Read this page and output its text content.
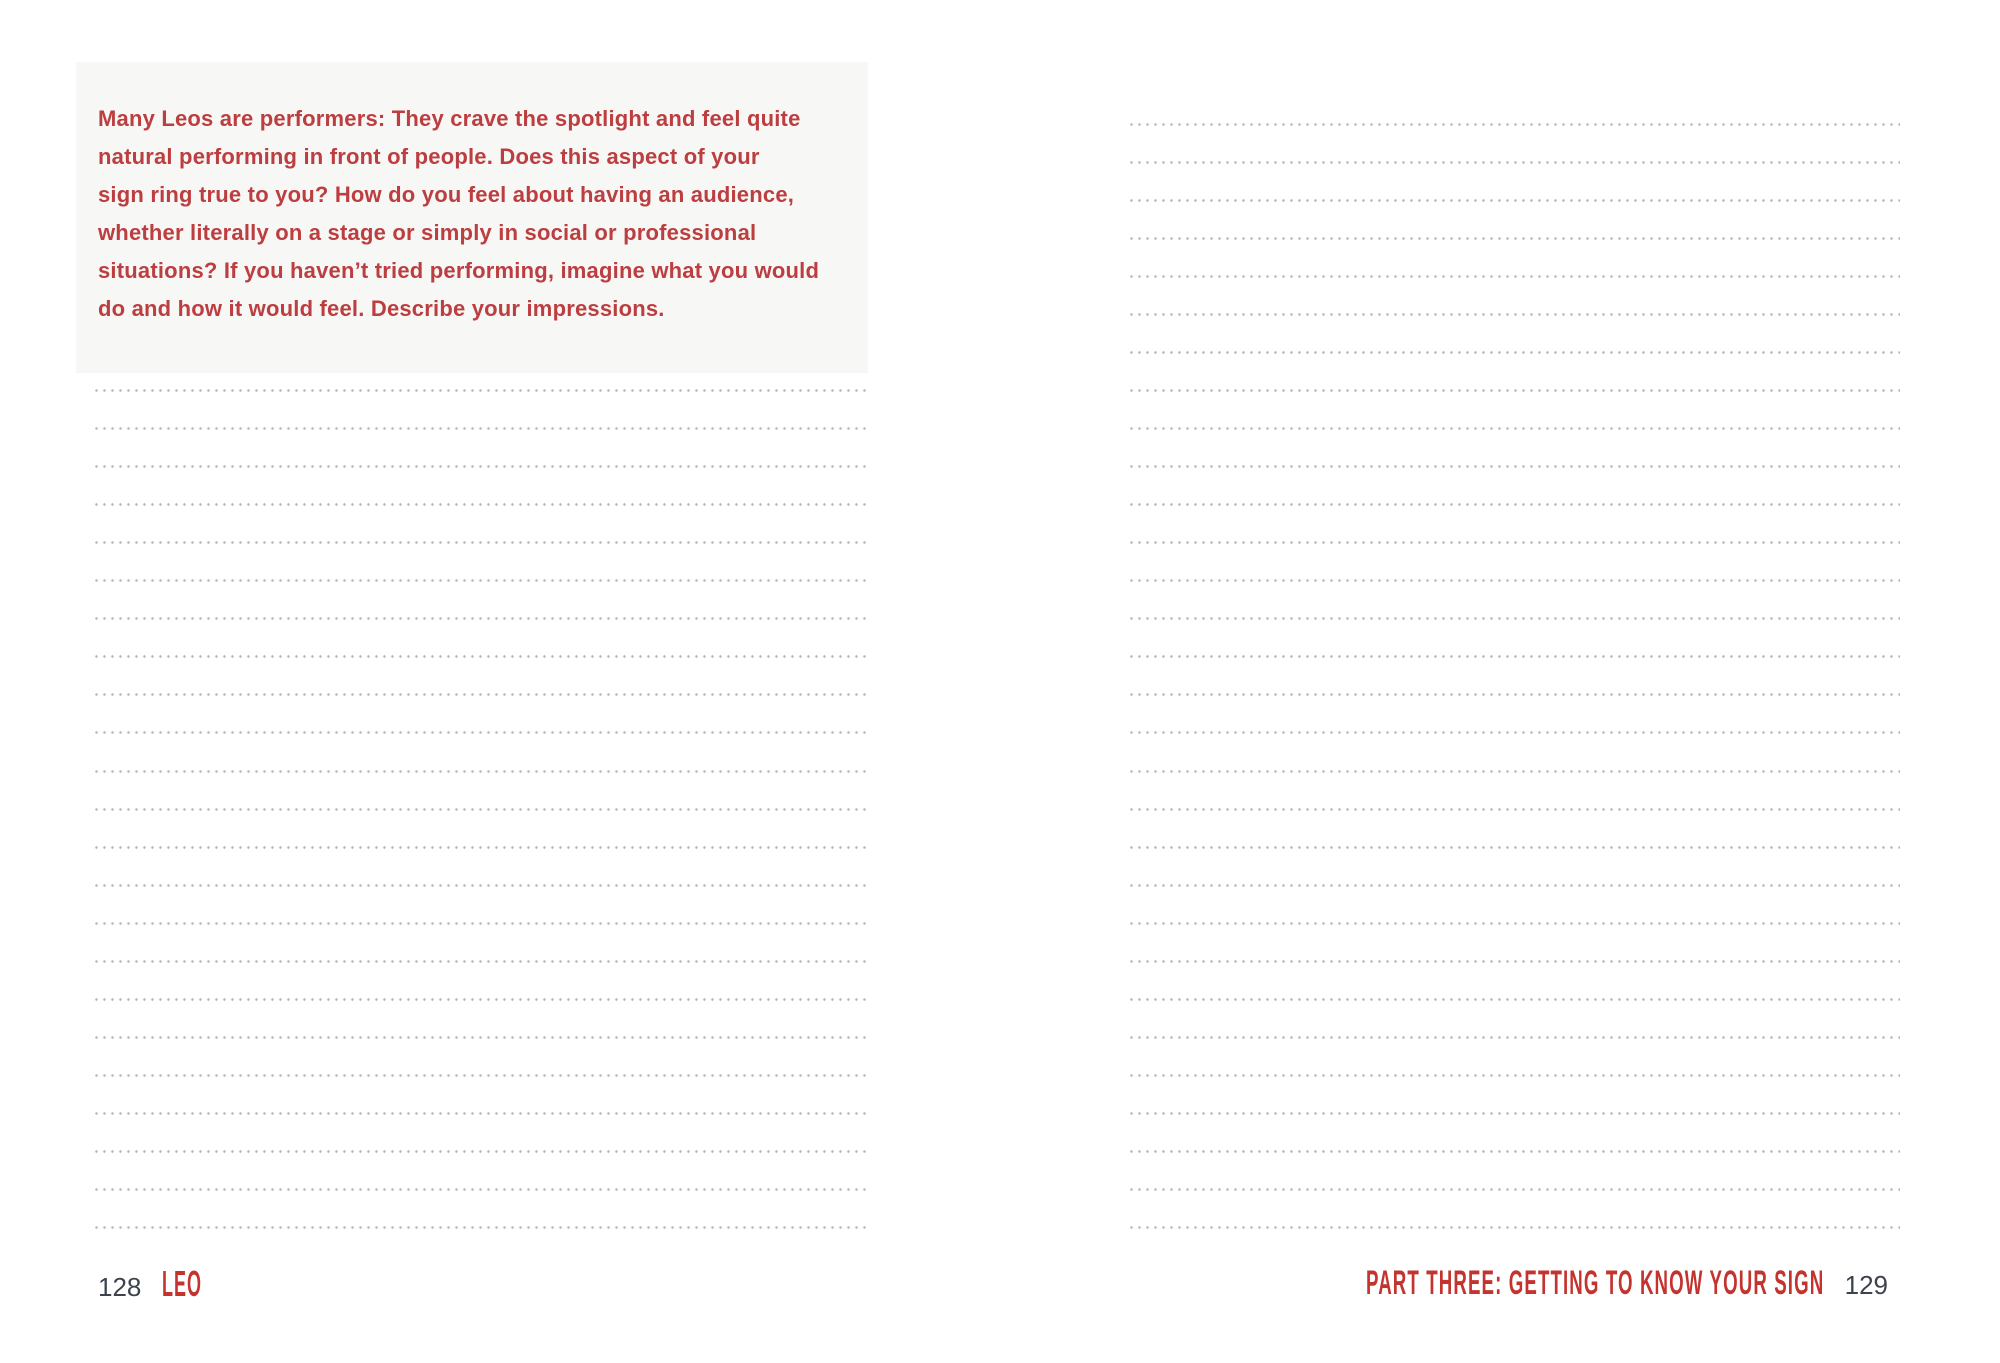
Many Leos are performers: They crave the spotlight and feel quite
natural performing in front of people. Does this aspect of your
sign ring true to you? How do you feel about having an audience,
whether literally on a stage or simply in social or professional
situations? If you haven’t tried performing, imagine what you would
do and how it would feel. Describe your impressions.
128 LEO	PART THREE: GETTING TO KNOW YOUR SIGN 129
